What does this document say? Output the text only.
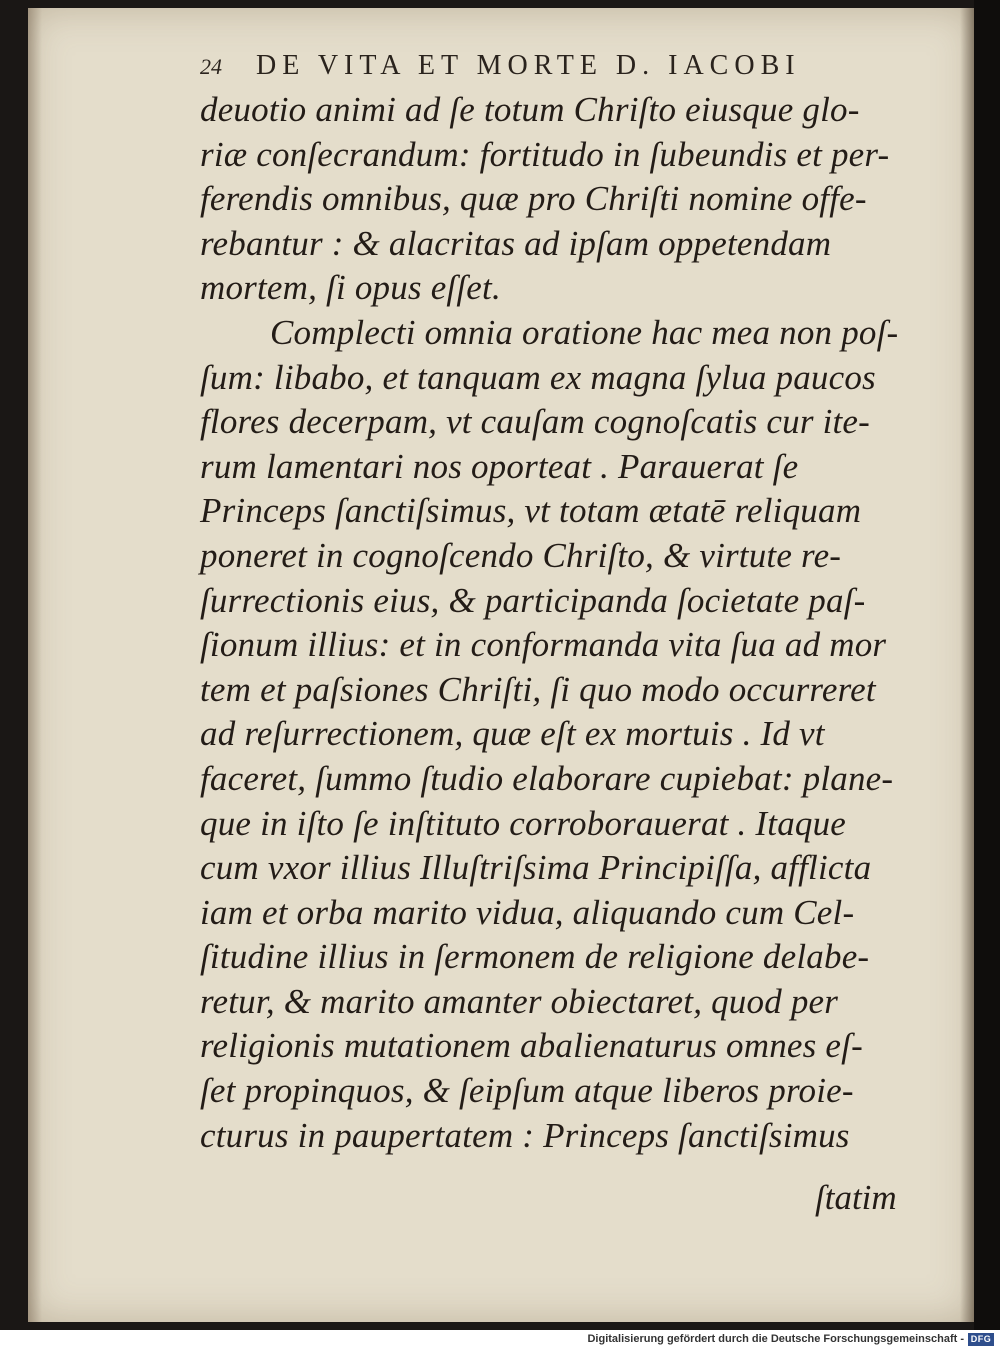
24	DE VITA ET MORTE D. IACOBI
deuotio animi ad ſe totum Chriſto eiusque glo-
riæ conſecrandum: fortitudo in ſubeundis et per-
ferendis omnibus, quæ pro Chriſti nomine offe-
rebantur : & alacritas ad ipſam oppetendam
mortem, ſi opus eſſet.
Complecti omnia oratione hac mea non poſ-
ſum: libabo, et tanquam ex magna ſylua paucos
flores decerpam, vt cauſam cognoſcatis cur ite-
rum lamentari nos oporteat . Parauerat ſe
Princeps ſanctiſsimus, vt totam ætatē reliquam
poneret in cognoſcendo Chriſto, & virtute re-
ſurrectionis eius, & participanda ſocietate paſ-
ſionum illius: et in conformanda vita ſua ad mor
tem et paſsiones Chriſti, ſi quo modo occurreret
ad reſurrectionem, quæ eſt ex mortuis . Id vt
faceret, ſummo ſtudio elaborare cupiebat: plane-
que in iſto ſe inſtituto corroborauerat . Itaque
cum vxor illius Illuſtriſsima Principiſſa, afflicta
iam et orba marito vidua, aliquando cum Cel-
ſitudine illius in ſermonem de religione delabe-
retur, & marito amanter obiectaret, quod per
religionis mutationem abalienaturus omnes eſ-
ſet propinquos, & ſeipſum atque liberos proie-
cturus in paupertatem : Princeps ſanctiſsimus
ſtatim
Digitalisierung gefördert durch die Deutsche Forschungsgemeinschaft - DFG
